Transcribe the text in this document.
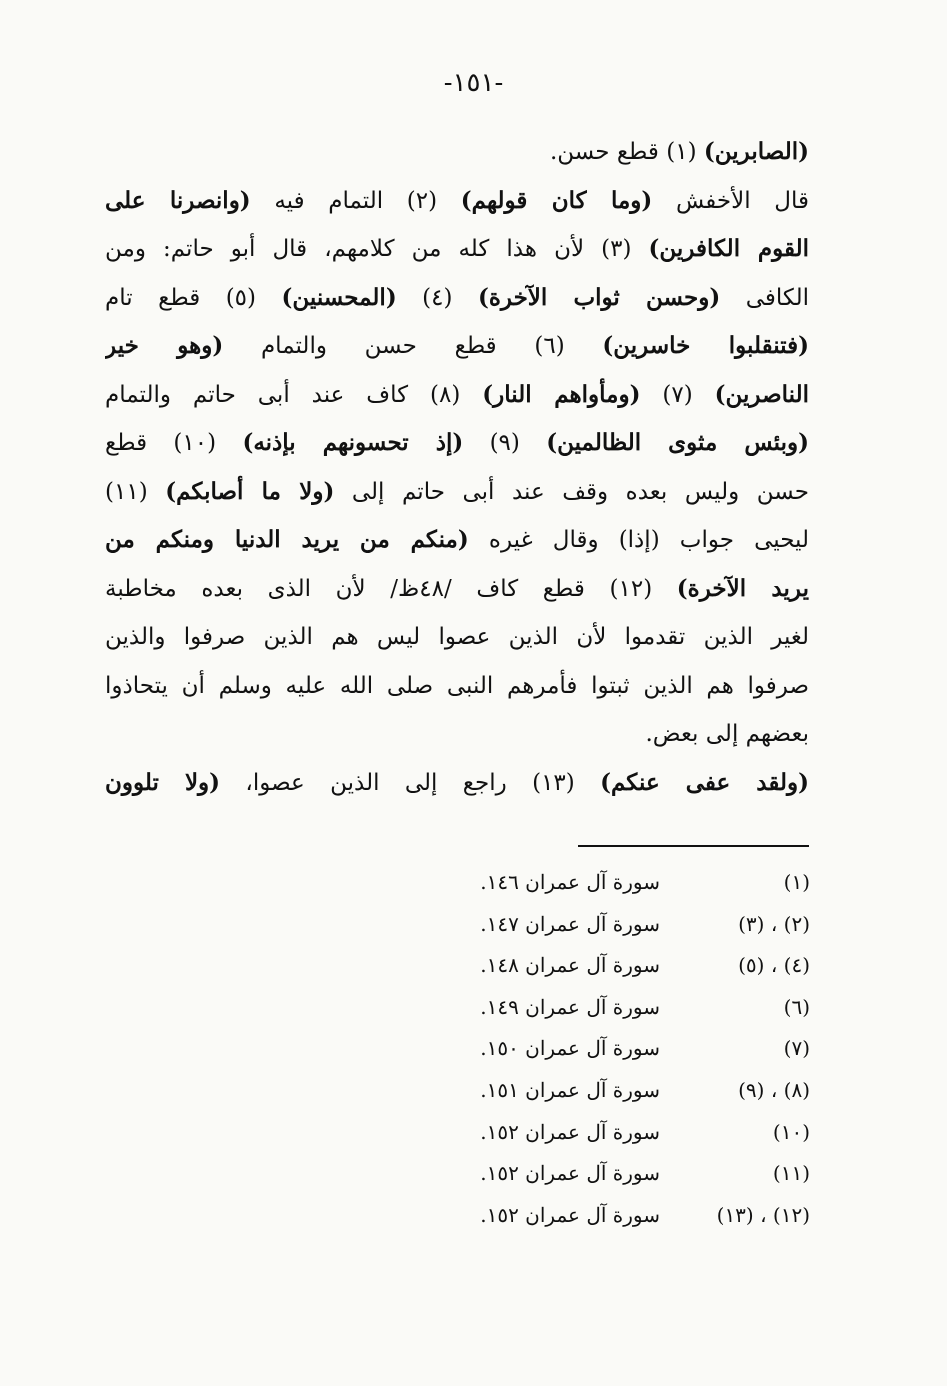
-١٥١-
(الصابرين) (١) قطع حسن.
قال الأخفش (وما كان قولهم) (٢) التمام فيه (وانصرنا على
القوم الكافرين) (٣) لأن هذا كله من كلامهم، قال أبو حاتم: ومن
الكافى (وحسن ثواب الآخرة) (٤) (المحسنين) (٥) قطع تام
(فتنقلبوا خاسرين) (٦) قطع حسن والتمام (وهو خير
الناصرين) (٧) (ومأواهم النار) (٨) كاف عند أبى حاتم والتمام
(وبئس مثوى الظالمين) (٩) (إذ تحسونهم بإذنه) (١٠) قطع
حسن وليس بعده وقف عند أبى حاتم إلى (ولا ما أصابكم) (١١)
ليحيى جواب (إذا) وقال غيره (منكم من يريد الدنيا ومنكم من
يريد الآخرة) (١٢) قطع كاف /٤٨ظ/ لأن الذى بعده مخاطبة
لغير الذين تقدموا لأن الذين عصوا ليس هم الذين صرفوا والذين
صرفوا هم الذين ثبتوا فأمرهم النبى صلى الله عليه وسلم أن يتحاذوا
بعضهم إلى بعض.
(ولقد عفى عنكم) (١٣) راجع إلى الذين عصوا، (ولا تلوون
(١)
سورة آل عمران ١٤٦.
(٢) ، (٣)
سورة آل عمران ١٤٧.
(٤) ، (٥)
سورة آل عمران ١٤٨.
(٦)
سورة آل عمران ١٤٩.
(٧)
سورة آل عمران ١٥٠.
(٨) ، (٩)
سورة آل عمران ١٥١.
(١٠)
سورة آل عمران ١٥٢.
(١١)
سورة آل عمران ١٥٢.
(١٢) ، (١٣)
سورة آل عمران ١٥٢.
